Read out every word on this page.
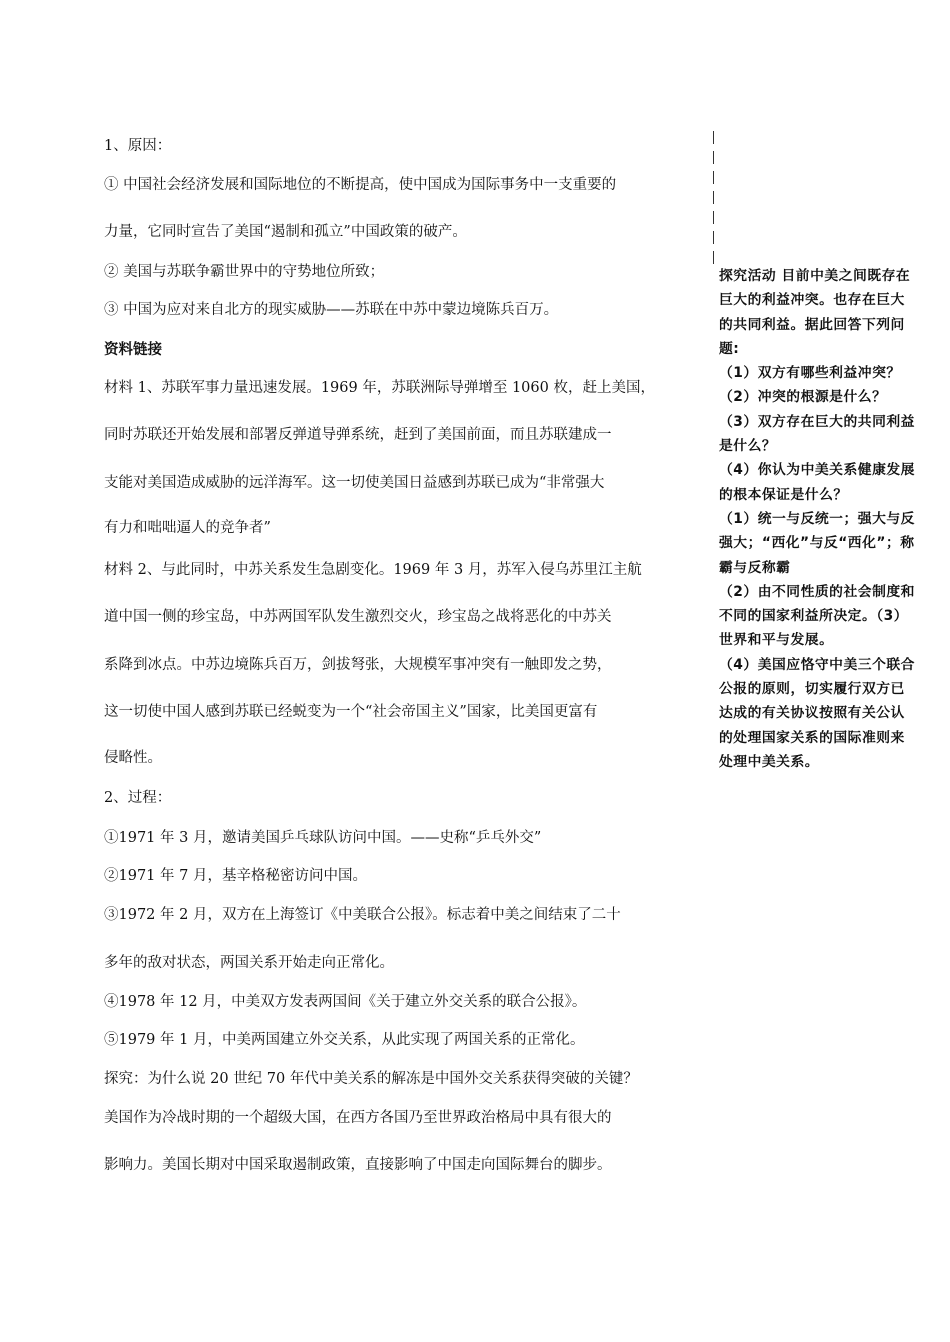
1、原因：
① 中国社会经济发展和国际地位的不断提高，使中国成为国际事务中一支重要的
力量，它同时宣告了美国“遏制和孤立”中国政策的破产。
② 美国与苏联争霸世界中的守势地位所致；
③ 中国为应对来自北方的现实威胁——苏联在中苏中蒙边境陈兵百万。
资料链接
材料 1、苏联军事力量迅速发展。1969 年，苏联洲际导弹增至 1060 枚，赶上美国，
同时苏联还开始发展和部署反弹道导弹系统，赶到了美国前面，而且苏联建成一
支能对美国造成威胁的远洋海军。这一切使美国日益感到苏联已成为“非常强大
有力和咄咄逼人的竞争者”
材料 2、与此同时，中苏关系发生急剧变化。1969 年 3 月，苏军入侵乌苏里江主航
道中国一侧的珍宝岛，中苏两国军队发生激烈交火，珍宝岛之战将恶化的中苏关
系降到冰点。中苏边境陈兵百万，剑拔弩张，大规模军事冲突有一触即发之势，
这一切使中国人感到苏联已经蜕变为一个“社会帝国主义”国家，比美国更富有
侵略性。
2、过程：
①1971 年 3 月，邀请美国乒乓球队访问中国。——史称“乒乓外交”
②1971 年 7 月，基辛格秘密访问中国。
③1972 年 2 月，双方在上海签订《中美联合公报》。标志着中美之间结束了二十
多年的敌对状态，两国关系开始走向正常化。
④1978 年 12 月，中美双方发表两国间《关于建立外交关系的联合公报》。
⑤1979 年 1 月，中美两国建立外交关系，从此实现了两国关系的正常化。
探究：为什么说 20 世纪 70 年代中美关系的解冻是中国外交关系获得突破的关键？
美国作为冷战时期的一个超级大国，在西方各国乃至世界政治格局中具有很大的
影响力。美国长期对中国采取遏制政策，直接影响了中国走向国际舞台的脚步。

探究活动 目前中美之间既存在巨大的利益冲突。也存在巨大的共同利益。据此回答下列问题:

（1）双方有哪些利益冲突？

（2）冲突的根源是什么？

（3）双方存在巨大的共同利益是什么？

（4）你认为中美关系健康发展的根本保证是什么？

（1）统一与反统一；强大与反强大；“西化”与反“西化”；称霸与反称霸

（2）由不同性质的社会制度和不同的国家利益所决定。（3）世界和平与发展。

（4）美国应恪守中美三个联合公报的原则，切实履行双方已达成的有关协议按照有关公认的处理国家关系的国际准则来处理中美关系。
